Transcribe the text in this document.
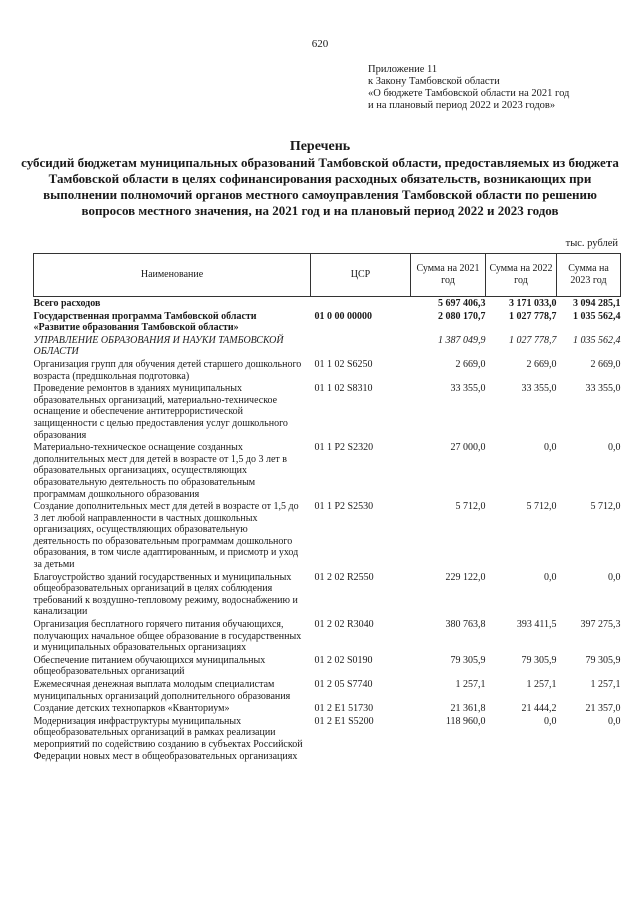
620
Приложение 11
к Закону Тамбовской области
«О бюджете Тамбовской области на 2021 год
и на плановый период 2022 и 2023 годов»
Перечень
субсидий бюджетам муниципальных образований Тамбовской области, предоставляемых из бюджета Тамбовской области в целях софинансирования расходных обязательств, возникающих при выполнении полномочий органов местного самоуправления Тамбовской области по решению вопросов местного значения, на 2021 год и на плановый период 2022 и 2023 годов
тыс. рублей
Наименование	ЦСР	Сумма на 2021 год	Сумма на 2022 год	Сумма на 2023 год
Всего расходов		5 697 406,3	3 171 033,0	3 094 285,1
Государственная программа Тамбовской области «Развитие образования Тамбовской области»	01 0 00 00000	2 080 170,7	1 027 778,7	1 035 562,4
УПРАВЛЕНИЕ ОБРАЗОВАНИЯ И НАУКИ ТАМБОВСКОЙ ОБЛАСТИ		1 387 049,9	1 027 778,7	1 035 562,4
Организация групп для обучения детей старшего дошкольного возраста (предшкольная подготовка)	01 1 02 S6250	2 669,0	2 669,0	2 669,0
Проведение ремонтов в зданиях муниципальных образовательных организаций, материально-техническое оснащение и обеспечение антитеррористической защищенности с целью предоставления услуг дошкольного образования	01 1 02 S8310	33 355,0	33 355,0	33 355,0
Материально-техническое оснащение созданных дополнительных мест для детей в возрасте от 1,5 до 3 лет в образовательных организациях, осуществляющих образовательную деятельность по образовательным программам дошкольного образования	01 1 P2 S2320	27 000,0	0,0	0,0
Создание дополнительных мест для детей в возрасте от 1,5 до 3 лет любой направленности в частных дошкольных организациях, осуществляющих образовательную деятельность по образовательным программам дошкольного образования, в том числе адаптированным, и присмотр и уход за детьми	01 1 P2 S2530	5 712,0	5 712,0	5 712,0
Благоустройство зданий государственных и муниципальных общеобразовательных организаций в целях соблюдения требований к воздушно-тепловому режиму, водоснабжению и канализации	01 2 02 R2550	229 122,0	0,0	0,0
Организация бесплатного горячего питания обучающихся, получающих начальное общее образование в государственных и муниципальных образовательных организациях	01 2 02 R3040	380 763,8	393 411,5	397 275,3
Обеспечение питанием обучающихся муниципальных общеобразовательных организаций	01 2 02 S0190	79 305,9	79 305,9	79 305,9
Ежемесячная денежная выплата молодым специалистам муниципальных организаций дополнительного образования	01 2 05 S7740	1 257,1	1 257,1	1 257,1
Создание детских технопарков «Кванториум»	01 2 E1 51730	21 361,8	21 444,2	21 357,0
Модернизация инфраструктуры муниципальных общеобразовательных организаций в рамках реализации мероприятий по содействию созданию в субъектах Российской Федерации новых мест в общеобразовательных организациях	01 2 E1 S5200	118 960,0	0,0	0,0
